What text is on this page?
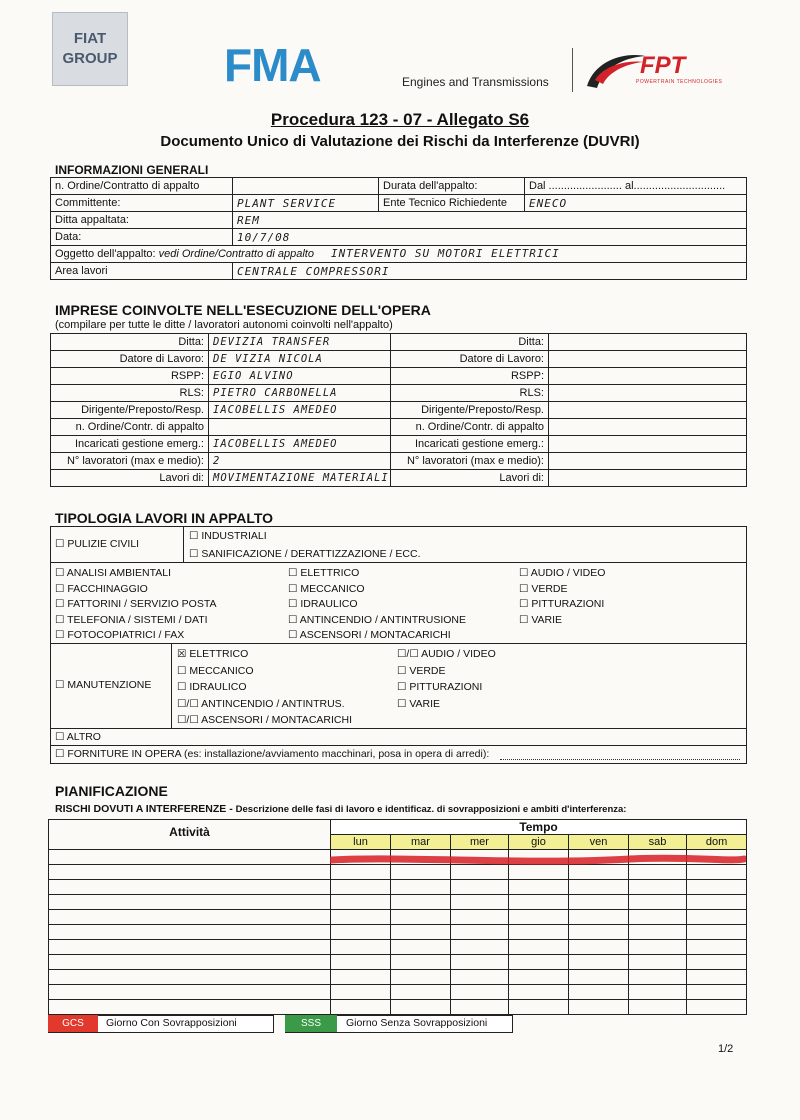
FIAT
GROUP FMA	Engines and Transmissions
FPT
POWERTRAIN TECHNOLOGIES
Procedura 123 - 07 - Allegato S6
Documento Unico di Valutazione dei Rischi da Interferenze (DUVRI)
INFORMAZIONI GENERALI
n. Ordine/Contratto di appalto		Durata dell'appalto:	Dal ........................ al..............................
Committente:	PLANT SERVICE	Ente Tecnico Richiedente	ENECO
Ditta appaltata:	REM		
Data:	10/7/08		
Oggetto dell'appalto: vedi Ordine/Contratto di appalto INTERVENTO SU MOTORI ELETTRICI			
Area lavori	CENTRALE COMPRESSORI		
IMPRESE COINVOLTE NELL'ESECUZIONE DELL'OPERA
(compilare per tutte le ditte / lavoratori autonomi coinvolti nell'appalto)
Ditta:	DEVIZIA TRANSFER	Ditta:	
Datore di Lavoro:	DE VIZIA NICOLA	Datore di Lavoro:	
RSPP:	EGIO ALVINO	RSPP:	
RLS:	PIETRO CARBONELLA	RLS:	
Dirigente/Preposto/Resp.	IACOBELLIS AMEDEO	Dirigente/Preposto/Resp.	
n. Ordine/Contr. di appalto		n. Ordine/Contr. di appalto	
Incaricati gestione emerg.:	IACOBELLIS AMEDEO	Incaricati gestione emerg.:	
N° lavoratori (max e medio):	2	N° lavoratori (max e medio):	
Lavori di:	MOVIMENTAZIONE MATERIALI	Lavori di:	
TIPOLOGIA LAVORI IN APPALTO
☐ PULIZIE CIVILI
☐ INDUSTRIALI
☐ SANIFICAZIONE / DERATTIZZAZIONE / ECC.
☐ ANALISI AMBIENTALI
☐ FACCHINAGGIO
☐ FATTORINI / SERVIZIO POSTA
☐ TELEFONIA / SISTEMI / DATI
☐ FOTOCOPIATRICI / FAX
☐ ELETTRICO
☐ MECCANICO
☐ IDRAULICO
☐ ANTINCENDIO / ANTINTRUSIONE
☐ ASCENSORI / MONTACARICHI
☐ AUDIO / VIDEO
☐ VERDE
☐ PITTURAZIONI
☐ VARIE
☐ MANUTENZIONE
☒ ELETTRICO
☐ MECCANICO
☐ IDRAULICO
☐/☐ ANTINCENDIO / ANTINTRUS.
☐/☐ ASCENSORI / MONTACARICHI
☐/☐ AUDIO / VIDEO
☐ VERDE
☐ PITTURAZIONI
☐ VARIE
☐ ALTRO
☐ FORNITURE IN OPERA (es: installazione/avviamento macchinari, posa in opera di arredi):
PIANIFICAZIONE
RISCHI DOVUTI A INTERFERENZE - Descrizione delle fasi di lavoro e identificaz. di sovrapposizioni e ambiti d'interferenza:
Attività	Tempo						
	lun	mar	mer	gio	ven	sab	dom

GCS	Giorno Con Sovrapposizioni	SSS	Giorno Senza Sovrapposizioni
1/2
